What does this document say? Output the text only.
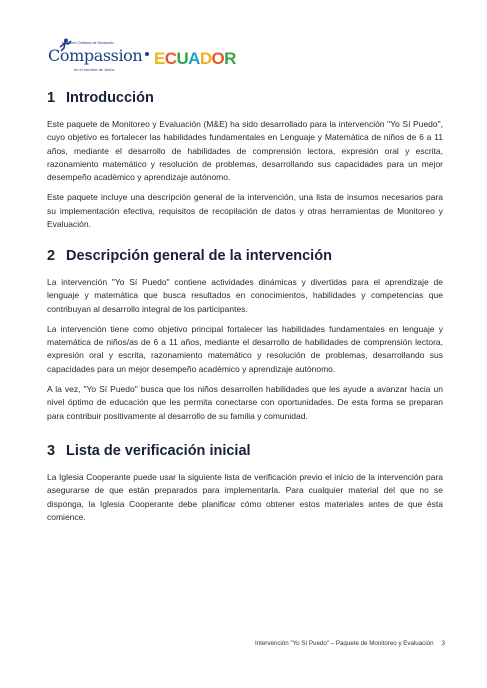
Ministerio Cristiano de Desarrollo
Compassion
en el nombre de Jesús
ECUADOR
1 Introducción

Este paquete de Monitoreo y Evaluación (M&E) ha sido desarrollado para la intervención "Yo Sí Puedo", cuyo objetivo es fortalecer las habilidades fundamentales en Lenguaje y Matemática de niños de 6 a 11 años, mediante el desarrollo de habilidades de comprensión lectora, expresión oral y escrita, razonamiento matemático y resolución de problemas, desarrollando sus capacidades para un mejor desempeño académico y aprendizaje autónomo.

Este paquete incluye una descripción general de la intervención, una lista de insumos necesarios para su implementación efectiva, requisitos de recopilación de datos y otras herramientas de Monitoreo y Evaluación.

2 Descripción general de la intervención

La intervención "Yo Sí Puedo" contiene actividades dinámicas y divertidas para el aprendizaje de lenguaje y matemática que busca resultados en conocimientos, habilidades y competencias que contribuyan al desarrollo integral de los participantes.

La intervención tiene como objetivo principal fortalecer las habilidades fundamentales en lenguaje y matemática de niños/as de 6 a 11 años, mediante el desarrollo de habilidades de comprensión lectora, expresión oral y escrita, razonamiento matemático y resolución de problemas, desarrollando sus capacidades para un mejor desempeño académico y aprendizaje autónomo.

A la vez, "Yo Sí Puedo" busca que los niños desarrollen habilidades que les ayude a avanzar hacia un nivel óptimo de educación que les permita conectarse con oportunidades. De esta forma se preparan para contribuir positivamente al desarrollo de su familia y comunidad.

3 Lista de verificación inicial

La Iglesia Cooperante puede usar la siguiente lista de verificación previo el inicio de la intervención para asegurarse de que están preparados para implementarla. Para cualquier material del que no se disponga, la Iglesia Cooperante debe planificar cómo obtener estos materiales antes de que ésta comience.

Intervención "Yo Sí Puedo" – Paquete de Monitoreo y Evaluación 3
